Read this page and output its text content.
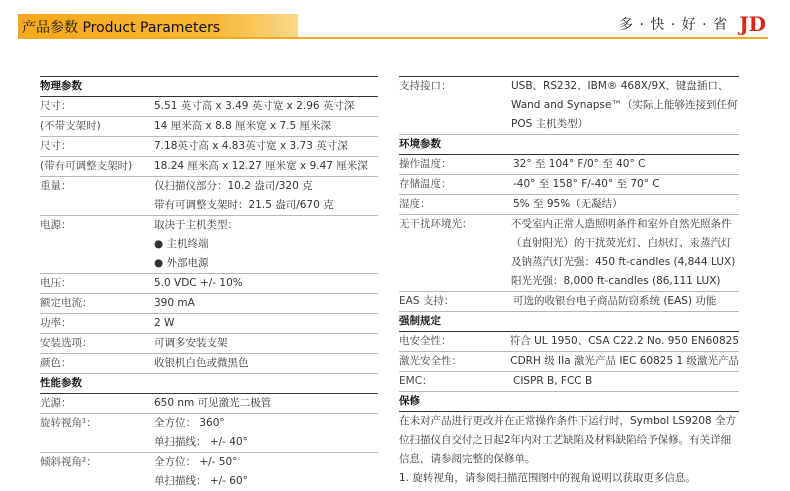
产品参数 Product Parameters	多 · 快 · 好 · 省 JD
物理参数
尺寸：	5.51 英寸高 x 3.49 英寸宽 x 2.96 英寸深
(不带支架时)	14 厘米高 x 8.8 厘米宽 x 7.5 厘米深
尺寸：	7.18英寸高 x 4.83英寸宽 x 3.73 英寸深
(带有可调整支架时)	18.24 厘米高 x 12.27 厘米宽 x 9.47 厘米深
重量：	仅扫描仪部分：10.2 盎司/320 克
带有可调整支架时：21.5 盎司/670 克
电源：	取决于主机类型：
● 主机终端
● 外部电源
电压：	5.0 VDC +/- 10%
额定电流：	390 mA
功率：	2 W
安装选项：	可调多安装支架
颜色：	收银机白色或微黑色
性能参数
光源：	650 nm 可见激光二极管
旋转视角¹：	全方位： 360°
单扫描线： +/- 40°
倾斜视角²：	全方位： +/- 50°
单扫描线： +/- 60°
支持接口：	USB、RS232、IBM® 468X/9X、键盘插口、Wand and Synapse™（实际上能够连接到任何 POS 主机类型）
环境参数
操作温度：	32° 至 104° F/0° 至 40° C
存储温度：	-40° 至 158° F/-40° 至 70° C
湿度：	5% 至 95%（无凝结）
无干扰环境光：	不受室内正常人造照明条件和室外自然光照条件（直射阳光）的干扰荧光灯、白炽灯、汞蒸汽灯及钠蒸汽灯光强：450 ft-candles (4,844 LUX) 阳光光强：8,000 ft-candles (86,111 LUX)
EAS 支持：	可选的收银台电子商品防窃系统 (EAS) 功能
强制规定
电安全性：	符合 UL 1950、CSA C22.2 No. 950 EN60825
激光安全性：	CDRH 级 IIa 激光产品 IEC 60825 1 级激光产品
EMC：	CISPR B, FCC B
保修
在未对产品进行更改并在正常操作条件下运行时，Symbol LS9208 全方位扫描仪自交付之日起2年内对工艺缺陷及材料缺陷给予保修。有关详细信息，请参阅完整的保修单。
1. 旋转视角，请参阅扫描范围图中的视角说明以获取更多信息。
